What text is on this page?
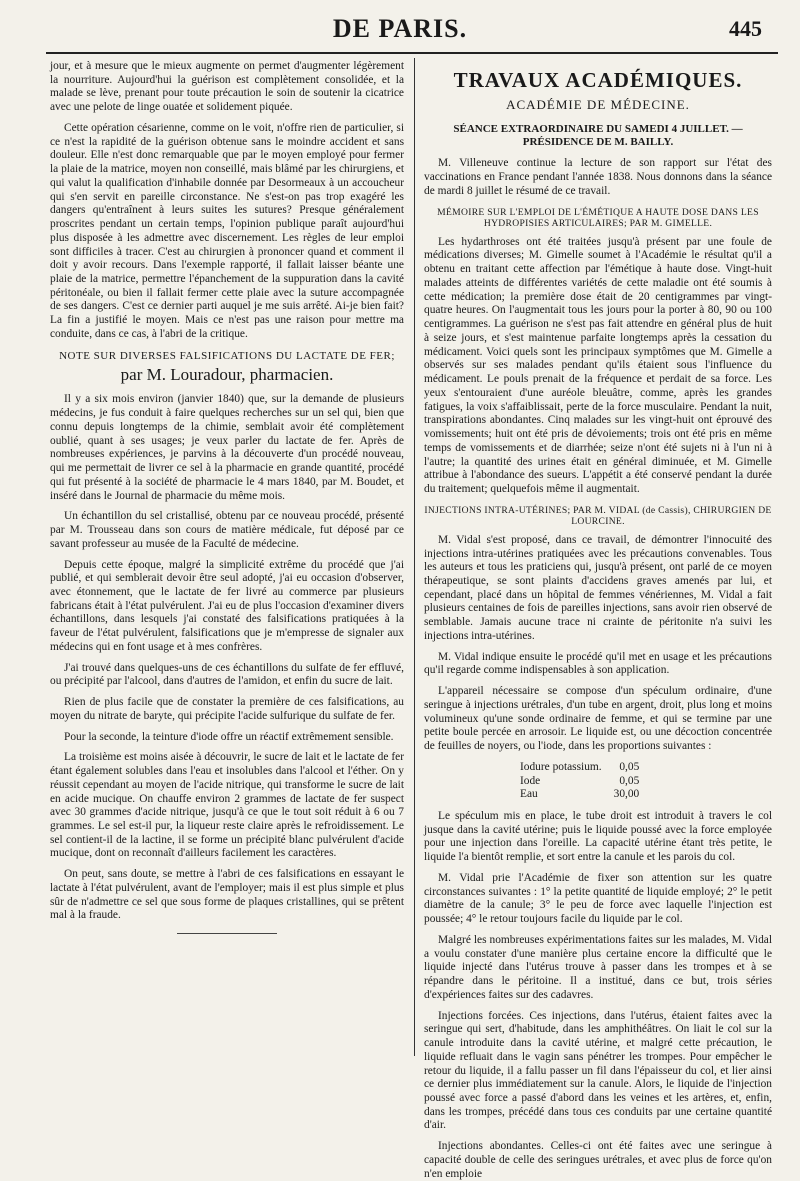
DE PARIS.	445

jour, et à mesure que le mieux augmente on permet d'augmenter légèrement la nourriture. Aujourd'hui la guérison est complètement consolidée, et la malade se lève, prenant pour toute précaution le soin de soutenir la cicatrice avec une pelote de linge ouatée et solidement piquée.

Cette opération césarienne, comme on le voit, n'offre rien de particulier, si ce n'est la rapidité de la guérison obtenue sans le moindre accident et sans douleur. Elle n'est donc remarquable que par le moyen employé pour fermer la plaie de la matrice, moyen non conseillé, mais blâmé par les chirurgiens, et qui valut la qualification d'inhabile donnée par Desormeaux à un accoucheur qui s'en servit en pareille circonstance. Ne s'est-on pas trop exagéré les dangers qu'entraînent à leurs suites les sutures? Presque généralement proscrites pendant un certain temps, l'opinion publique paraît aujourd'hui plus disposée à les admettre avec discernement. Les règles de leur emploi sont difficiles à tracer. C'est au chirurgien à prononcer quand et comment il doit y avoir recours. Dans l'exemple rapporté, il fallait laisser béante une plaie de la matrice, permettre l'épanchement de la suppuration dans la cavité péritonéale, ou bien il fallait fermer cette plaie avec la suture accompagnée de ses dangers. C'est ce dernier parti auquel je me suis arrêté. Ai-je bien fait? La fin a justifié le moyen. Mais ce n'est pas une raison pour mettre ma conduite, dans ce cas, à l'abri de la critique.

NOTE SUR DIVERSES FALSIFICATIONS DU LACTATE DE FER;
par M. Louradour, pharmacien.

Il y a six mois environ (janvier 1840) que, sur la demande de plusieurs médecins, je fus conduit à faire quelques recherches sur un sel qui, bien que connu depuis longtemps de la chimie, semblait avoir été complètement oublié, quant à ses usages; je veux parler du lactate de fer. Après de nombreuses expériences, je parvins à la découverte d'un procédé nouveau, qui me permettait de livrer ce sel à la pharmacie en grande quantité, procédé qui fut présenté à la société de pharmacie le 4 mars 1840, par M. Boudet, et inséré dans le Journal de pharmacie du même mois.

Un échantillon du sel cristallisé, obtenu par ce nouveau procédé, présenté par M. Trousseau dans son cours de matière médicale, fut déposé par ce savant professeur au musée de la Faculté de médecine.

Depuis cette époque, malgré la simplicité extrême du procédé que j'ai publié, et qui semblerait devoir être seul adopté, j'ai eu occasion d'observer, avec étonnement, que le lactate de fer livré au commerce par plusieurs fabricans était à l'état pulvérulent. J'ai eu de plus l'occasion d'examiner divers échantillons, dans lesquels j'ai constaté des falsifications pratiquées à la faveur de l'état pulvérulent, falsifications que je m'empresse de signaler aux médecins qui en font usage et à mes confrères.

J'ai trouvé dans quelques-uns de ces échantillons du sulfate de fer effluvé, ou précipité par l'alcool, dans d'autres de l'amidon, et enfin du sucre de lait.

Rien de plus facile que de constater la première de ces falsifications, au moyen du nitrate de baryte, qui précipite l'acide sulfurique du sulfate de fer.

Pour la seconde, la teinture d'iode offre un réactif extrêmement sensible.

La troisième est moins aisée à découvrir, le sucre de lait et le lactate de fer étant également solubles dans l'eau et insolubles dans l'alcool et l'éther. On y réussit cependant au moyen de l'acide nitrique, qui transforme le sucre de lait en acide mucique. On chauffe environ 2 grammes de lactate de fer suspect avec 30 grammes d'acide nitrique, jusqu'à ce que le tout soit réduit à 6 ou 7 grammes. Le sel est-il pur, la liqueur reste claire après le refroidissement. Le sel contient-il de la lactine, il se forme un précipité blanc pulvérulent d'acide mucique, dont on reconnaît d'ailleurs facilement les caractères.

On peut, sans doute, se mettre à l'abri de ces falsifications en essayant le lactate à l'état pulvérulent, avant de l'employer; mais il est plus simple et plus sûr de n'admettre ce sel que sous forme de plaques cristallines, qui se prêtent mal à la fraude.

TRAVAUX ACADÉMIQUES.
ACADÉMIE DE MÉDECINE.
SÉANCE EXTRAORDINAIRE DU SAMEDI 4 JUILLET. — PRÉSIDENCE DE M. BAILLY.

M. Villeneuve continue la lecture de son rapport sur l'état des vaccinations en France pendant l'année 1838. Nous donnons dans la séance de mardi 8 juillet le résumé de ce travail.

MÉMOIRE SUR L'EMPLOI DE L'ÉMÉTIQUE A HAUTE DOSE DANS LES HYDROPISIES ARTICULAIRES; PAR M. GIMELLE.

Les hydarthroses ont été traitées jusqu'à présent par une foule de médications diverses; M. Gimelle soumet à l'Académie le résultat qu'il a obtenu en traitant cette affection par l'émétique à haute dose. Vingt-huit malades atteints de différentes variétés de cette maladie ont été soumis à cette médication; la première dose était de 20 centigrammes par vingt-quatre heures. On l'augmentait tous les jours pour la porter à 80, 90 ou 100 centigrammes. La guérison ne s'est pas fait attendre en général plus de huit à seize jours, et s'est maintenue parfaite longtemps après la cessation du médicament. Voici quels sont les principaux symptômes que M. Gimelle a observés sur ses malades pendant qu'ils étaient sous l'influence du médicament. Le pouls prenait de la fréquence et perdait de sa force. Les yeux s'entouraient d'une auréole bleuâtre, comme, après les grandes fatigues, la voix s'affaiblissait, perte de la force musculaire. Pendant la nuit, transpirations abondantes. Cinq malades sur les vingt-huit ont éprouvé des vomissements; huit ont été pris de dévoiements; trois ont été pris en même temps de vomissements et de diarrhée; seize n'ont été sujets ni à l'un ni à l'autre; la quantité des urines était en général diminuée, et M. Gimelle attribue à l'abondance des sueurs. L'appétit a été conservé pendant la durée du traitement; quelquefois même il augmentait.

INJECTIONS INTRA-UTÉRINES; PAR M. VIDAL (de Cassis), CHIRURGIEN DE LOURCINE.

M. Vidal s'est proposé, dans ce travail, de démontrer l'innocuité des injections intra-utérines pratiquées avec les précautions convenables. Tous les auteurs et tous les praticiens qui, jusqu'à présent, ont parlé de ce moyen thérapeutique, se sont plaints d'accidens graves amenés par lui, et cependant, placé dans un hôpital de femmes vénériennes, M. Vidal a fait plusieurs centaines de fois de pareilles injections, sans avoir rien observé de semblable. Jamais aucune trace ni crainte de péritonite n'a suivi les injections intra-utérines.

M. Vidal indique ensuite le procédé qu'il met en usage et les précautions qu'il regarde comme indispensables à son application.

L'appareil nécessaire se compose d'un spéculum ordinaire, d'une seringue à injections urétrales, d'un tube en argent, droit, plus long et moins volumineux qu'une sonde ordinaire de femme, et qui se termine par une petite boule percée en arrosoir. Le liquide est, ou une décoction concentrée de feuilles de noyers, ou l'iode, dans les proportions suivantes :

Iodure potassium.	0,05
Iode	0,05
Eau	30,00

Le spéculum mis en place, le tube droit est introduit à travers le col jusque dans la cavité utérine; puis le liquide poussé avec la force employée pour une injection dans l'oreille. La capacité utérine étant très petite, le liquide l'a bientôt remplie, et sort entre la canule et les parois du col.

M. Vidal prie l'Académie de fixer son attention sur les quatre circonstances suivantes : 1° la petite quantité de liquide employé; 2° le petit diamètre de la canule; 3° le peu de force avec laquelle l'injection est poussée; 4° le retour toujours facile du liquide par le col.

Malgré les nombreuses expérimentations faites sur les malades, M. Vidal a voulu constater d'une manière plus certaine encore la difficulté que le liquide injecté dans l'utérus trouve à passer dans les trompes et à se répandre dans le péritoine. Il a institué, dans ce but, trois séries d'expériences faites sur des cadavres.

Injections forcées. Ces injections, dans l'utérus, étaient faites avec la seringue qui sert, d'habitude, dans les amphithéâtres. On liait le col sur la canule introduite dans la cavité utérine, et malgré cette précaution, le liquide refluait dans le vagin sans pénétrer les trompes. Pour empêcher le retour du liquide, il a fallu passer un fil dans l'épaisseur du col, et lier ainsi ce dernier plus immédiatement sur la canule. Alors, le liquide de l'injection poussé avec force a passé d'abord dans les veines et les artères, et, enfin, dans les trompes, précédé dans tous ces conduits par une certaine quantité d'air.

Injections abondantes. Celles-ci ont été faites avec une seringue à capacité double de celle des seringues urétrales, et avec plus de force qu'on n'en emploie
